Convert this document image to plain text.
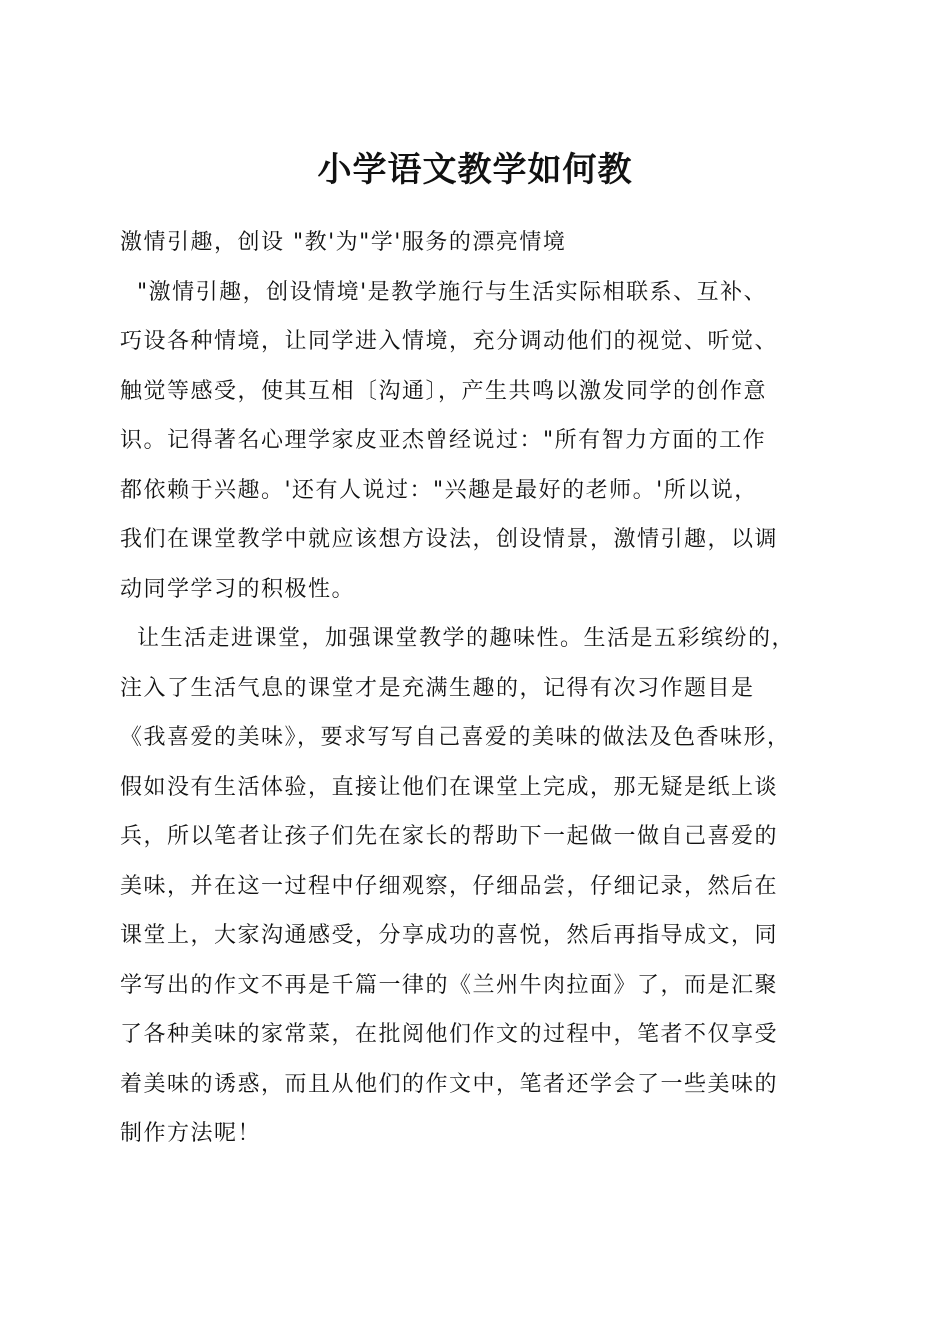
小学语文教学如何教
激情引趣，创设 "教'为"学'服务的漂亮情境
"激情引趣，创设情境'是教学施行与生活实际相联系、互补、
巧设各种情境，让同学进入情境，充分调动他们的视觉、听觉、
触觉等感受，使其互相〔沟通〕，产生共鸣以激发同学的创作意
识。记得著名心理学家皮亚杰曾经说过："所有智力方面的工作
都依赖于兴趣。'还有人说过："兴趣是最好的老师。'所以说，
我们在课堂教学中就应该想方设法，创设情景，激情引趣，以调
动同学学习的积极性。
让生活走进课堂，加强课堂教学的趣味性。生活是五彩缤纷的，
注入了生活气息的课堂才是充满生趣的，记得有次习作题目是
《我喜爱的美味》，要求写写自己喜爱的美味的做法及色香味形，
假如没有生活体验，直接让他们在课堂上完成，那无疑是纸上谈
兵，所以笔者让孩子们先在家长的帮助下一起做一做自己喜爱的
美味，并在这一过程中仔细观察，仔细品尝，仔细记录，然后在
课堂上，大家沟通感受，分享成功的喜悦，然后再指导成文，同
学写出的作文不再是千篇一律的《兰州牛肉拉面》了，而是汇聚
了各种美味的家常菜，在批阅他们作文的过程中，笔者不仅享受
着美味的诱惑，而且从他们的作文中，笔者还学会了一些美味的
制作方法呢！
